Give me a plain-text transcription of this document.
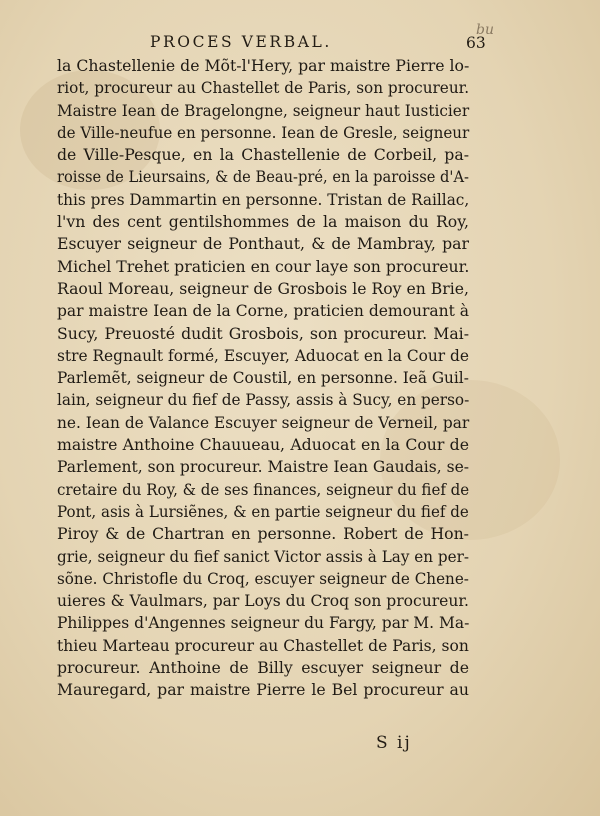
bu
PROCES VERBAL.	63
la Chastellenie de Mõt-l'Hery, par maistre Pierre lo-
riot, procureur au Chastellet de Paris, son procureur.
Maistre Iean de Bragelongne, seigneur haut Iusticier
de Ville-neufue en personne. Iean de Gresle, seigneur
de Ville-Pesque, en la Chastellenie de Corbeil, pa-
roisse de Lieursains, & de Beau-pré, en la paroisse d'A-
this pres Dammartin en personne. Tristan de Raillac,
l'vn des cent gentilshommes de la maison du Roy,
Escuyer seigneur de Ponthaut, & de Mambray, par
Michel Trehet praticien en cour laye son procureur.
Raoul Moreau, seigneur de Grosbois le Roy en Brie,
par maistre Iean de la Corne, praticien demourant à
Sucy, Preuosté dudit Grosbois, son procureur. Mai-
stre Regnault formé, Escuyer, Aduocat en la Cour de
Parlemẽt, seigneur de Coustil, en personne. Ieã Guil-
lain, seigneur du fief de Passy, assis à Sucy, en perso-
ne. Iean de Valance Escuyer seigneur de Verneil, par
maistre Anthoine Chauueau, Aduocat en la Cour de
Parlement, son procureur. Maistre Iean Gaudais, se-
cretaire du Roy, & de ses finances, seigneur du fief de
Pont, asis à Lursiẽnes, & en partie seigneur du fief de
Piroy & de Chartran en personne. Robert de Hon-
grie, seigneur du fief sanict Victor assis à Lay en per-
sõne. Christofle du Croq, escuyer seigneur de Chene-
uieres & Vaulmars, par Loys du Croq son procureur.
Philippes d'Angennes seigneur du Fargy, par M. Ma-
thieu Marteau procureur au Chastellet de Paris, son
procureur. Anthoine de Billy escuyer seigneur de
Mauregard, par maistre Pierre le Bel procureur au
S ij
